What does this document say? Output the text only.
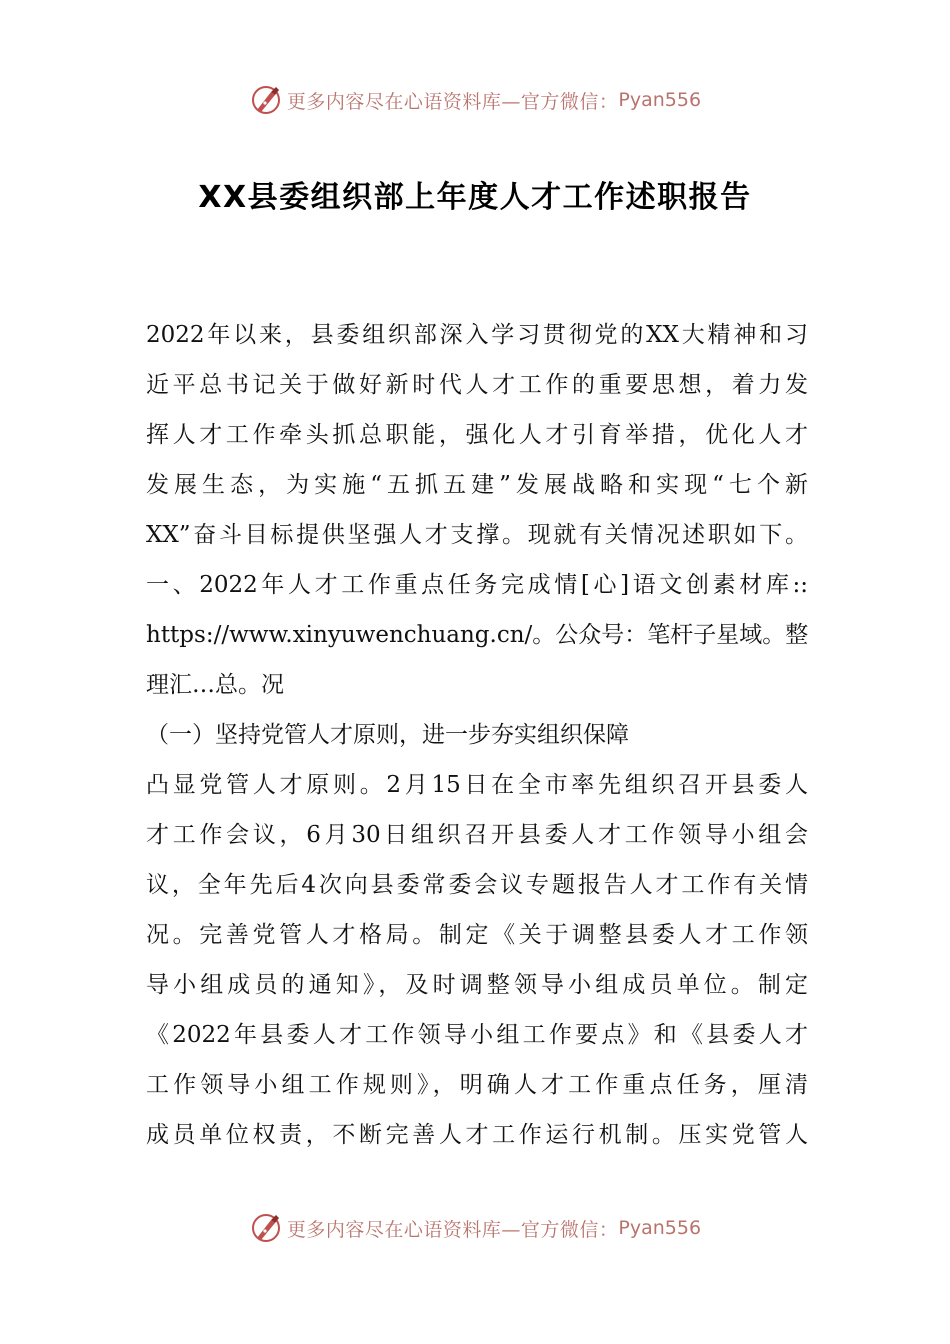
更多内容尽在心语资料库—官方微信： Pyan556
XX县委组织部上年度人才工作述职报告
2022年以来，县委组织部深入学习贯彻党的XX大精神和习
近平总书记关于做好新时代人才工作的重要思想，着力发
挥人才工作牵头抓总职能，强化人才引育举措，优化人才
发展生态，为实施“五抓五建”发展战略和实现“七个新
XX”奋斗目标提供坚强人才支撑。现就有关情况述职如下。
一、2022年人才工作重点任务完成情[心]语文创素材库::
https://www.xinyuwenchuang.cn/。公众号：笔杆子星域。整
理汇…总。况
（一）坚持党管人才原则，进一步夯实组织保障
凸显党管人才原则。2月15日在全市率先组织召开县委人
才工作会议，6月30日组织召开县委人才工作领导小组会
议，全年先后4次向县委常委会议专题报告人才工作有关情
况。完善党管人才格局。制定《关于调整县委人才工作领
导小组成员的通知》，及时调整领导小组成员单位。制定
《2022年县委人才工作领导小组工作要点》和《县委人才
工作领导小组工作规则》，明确人才工作重点任务，厘清
成员单位权责，不断完善人才工作运行机制。压实党管人
更多内容尽在心语资料库—官方微信： Pyan556
